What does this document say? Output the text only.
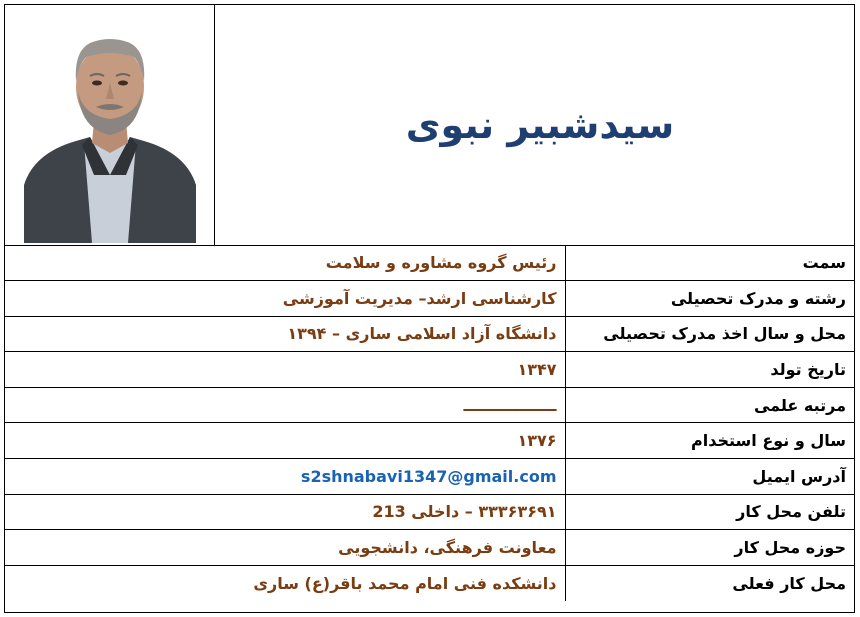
سیدشبیر نبوی
سمت	رئیس گروه مشاوره و سلامت
رشته و مدرک تحصیلی	کارشناسی ارشد– مدیریت آموزشی
محل و سال اخذ مدرک تحصیلی	دانشگاه آزاد اسلامی ساری – ۱۳۹۴
تاریخ تولد	۱۳۴۷
مرتبه علمی	ـــــــــــــــــ
سال و نوع استخدام	۱۳۷۶
آدرس ایمیل	s2shnabavi1347@gmail.com
تلفن محل کار	۳۳۳۶۳۶۹۱ – داخلی 213
حوزه محل کار	معاونت فرهنگی، دانشجویی
محل کار فعلی	دانشکده فنی امام محمد باقر(ع) ساری
